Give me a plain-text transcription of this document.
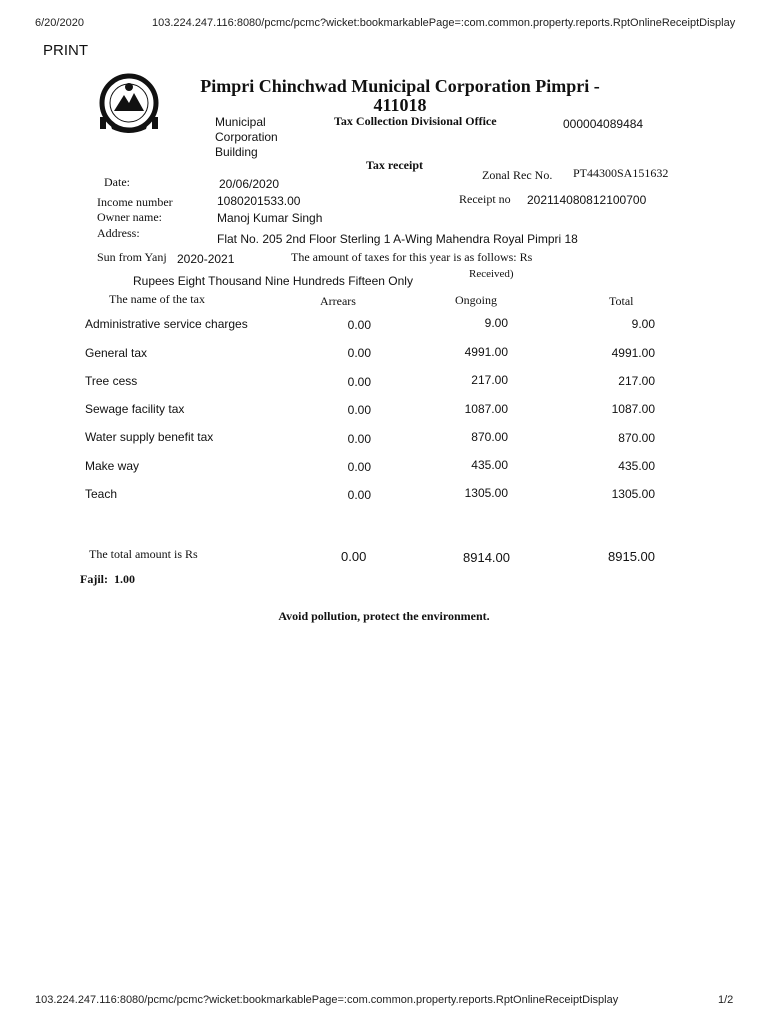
6/20/2020	103.224.247.116:8080/pcmc/pcmc?wicket:bookmarkablePage=:com.common.property.reports.RptOnlineReceiptDisplay
PRINT
Pimpri Chinchwad Municipal Corporation Pimpri -
411018
Municipal
Corporation
Building
Tax Collection Divisional Office	000004089484
Tax receipt
Zonal Rec No. PT44300SA151632
Date:	20/06/2020
Income number	1080201533.00	Receipt no 202114080812100700
Owner name:	Manoj Kumar Singh
Address:	Flat No. 205 2nd Floor Sterling 1 A-Wing Mahendra Royal Pimpri 18
Sun from Yanj 2020-2021	The amount of taxes for this year is as follows: Rs
Received)
Rupees Eight Thousand Nine Hundreds Fifteen Only
The name of the tax	Arrears	Ongoing	Total
Administrative service charges	0.00	9.00	9.00
General tax	0.00	4991.00	4991.00
Tree cess	0.00	217.00	217.00
Sewage facility tax	0.00	1087.00	1087.00
Water supply benefit tax	0.00	870.00	870.00
Make way	0.00	435.00	435.00
Teach	0.00	1305.00	1305.00
The total amount is Rs	0.00	8914.00	8915.00
Fajil: 1.00
Avoid pollution, protect the environment.
103.224.247.116:8080/pcmc/pcmc?wicket:bookmarkablePage=:com.common.property.reports.RptOnlineReceiptDisplay	1/2
